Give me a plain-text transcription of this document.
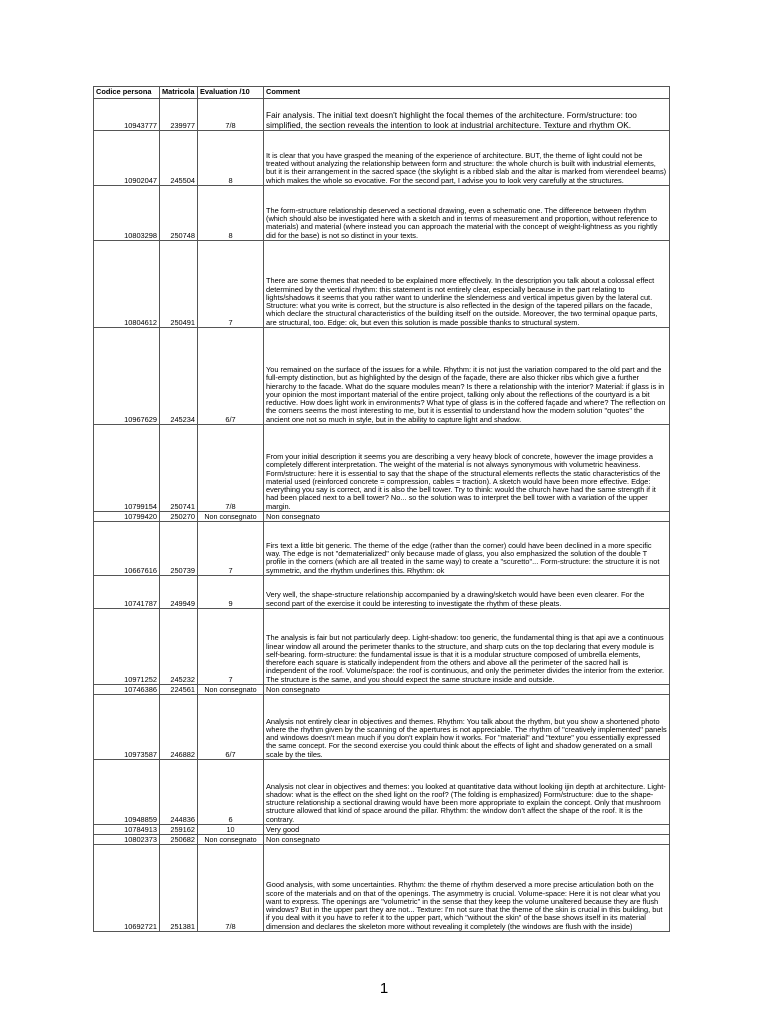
Codice persona	Matricola	Evaluation /10	Comment
10943777	239977	7/8	Fair analysis. The initial text doesn't highlight the focal themes of the architecture. Form/structure: too simplified, the section reveals the intention to look at industrial architecture. Texture and rhythm OK.
10902047	245504	8	It is clear that you have grasped the meaning of the experience of architecture. BUT, the theme of light could not be treated without analyzing the relationship between form and structure: the whole church is built with industrial elements, but it is their arrangement in the sacred space (the skylight is a ribbed slab and the altar is marked from vierendeel beams) which makes the whole so evocative. For the second part, I advise you to look very carefully at the structures.
10803298	250748	8	The form-structure relationship deserved a sectional drawing, even a schematic one. The difference between rhythm (which should also be investigated here with a sketch and in terms of measurement and proportion, without reference to materials) and material (where instead you can approach the material with the concept of weight-lightness as you rightly did for the base) is not so distinct in your texts.
10804612	250491	7	There are some themes that needed to be explained more effectively. In the description you talk about a colossal effect determined by the vertical rhythm: this statement is not entirely clear, especially because in the part relating to lights/shadows it seems that you rather want to underline the slenderness and vertical impetus given by the lateral cut. Structure: what you write is correct, but the structure is also reflected in the design of the tapered pillars on the facade, which declare the structural characteristics of the building itself on the outside. Moreover, the two terminal opaque parts, are structural, too. Edge: ok, but even this solution is made possible thanks to structural system.
10967629	245234	6/7	You remained on the surface of the issues for a while. Rhythm: it is not just the variation compared to the old part and the full-empty distinction, but as highlighted by the design of the façade, there are also thicker ribs which give a further hierarchy to the facade. What do the square modules mean? Is there a relationship with the interior? Material: if glass is in your opinion the most important material of the entire project, talking only about the reflections of the courtyard is a bit reductive. How does light work in environments? What type of glass is in the coffered façade and where? The reflection on the corners seems the most interesting to me, but it is essential to understand how the modern solution "quotes" the ancient one not so much in style, but in the ability to capture light and shadow.
10799154	250741	7/8	From your initial description it seems you are describing a very heavy block of concrete, however the image provides a completely different interpretation. The weight of the material is not always synonymous with volumetric heaviness. Form/structure: here it is essential to say that the shape of the structural elements reflects the static characteristics of the material used (reinforced concrete = compression, cables = traction). A sketch would have been more effective. Edge: everything you say is correct, and it is also the bell tower. Try to think: would the church have had the same strength if it had been placed next to a bell tower? No... so the solution was to interpret the bell tower with a variation of the upper margin.
10799420	250270	Non consegnato	Non consegnato
10667616	250739	7	Firs text a little bit generic. The theme of the edge (rather than the corner) could have been declined in a more specific way. The edge is not "dematerialized" only because made of glass, you also emphasized the solution of the double T profile in the corners (which are all treated in the same way) to create a "scuretto"... Form-structure: the structure it is not symmetric, and the rhythm underlines this. Rhythm: ok
10741787	249949	9	Very well, the shape-structure relationship accompanied by a drawing/sketch would have been even clearer. For the second part of the exercise it could be interesting to investigate the rhythm of these pleats.
10971252	245232	7	The analysis is fair but not particularly deep. Light-shadow: too generic, the fundamental thing is that api ave a continuous linear window all around the perimeter thanks to the structure, and sharp cuts on the top declaring that every module is self-bearing. form-structure: the fundamental issue is that it is a modular structure composed of umbrella elements, therefore each square is statically independent from the others and above all the perimeter of the sacred hall is independent of the roof. Volume/space: the roof is continuous, and only the perimeter divides the interior from the exterior. The structure is the same, and you should expect the same structure inside and outside.
10746386	224561	Non consegnato	Non consegnato
10973587	246882	6/7	Analysis not entirely clear in objectives and themes. Rhythm: You talk about the rhythm, but you show a shortened photo where the rhythm given by the scanning of the apertures is not appreciable. The rhythm of "creatively implemented" panels and windows doesn't mean much if you don't explain how it works. For "material" and "texture" you essentially expressed the same concept. For the second exercise you could think about the effects of light and shadow generated on a small scale by the tiles.
10948859	244836	6	Analysis not clear in objectives and themes: you looked at quantitative data without looking ijin depth at architecture. Light-shadow: what is the effect on the shed light on the roof? (The folding is emphasized) Form/structure: due to the shape-structure relationship a sectional drawing would have been more appropriate to explain the concept. Only that mushroom structure allowed that kind of space around the pillar. Rhythm: the window don't affect the shape of the roof. It is the contrary.
10784913	259162	10	Very good
10802373	250682	Non consegnato	Non consegnato
10692721	251381	7/8	Good analysis, with some uncertainties. Rhythm: the theme of rhythm deserved a more precise articulation both on the score of the materials and on that of the openings. The asymmetry is crucial. Volume-space: Here it is not clear what you want to express. The openings are "volumetric" in the sense that they keep the volume unaltered because they are flush windows? But in the upper part they are not... Texture: I'm not sure that the theme of the skin is crucial in this building, but if you deal with it you have to refer it to the upper part, which "without the skin" of the base shows itself in its material dimension and declares the skeleton more without revealing it completely (the windows are flush with the inside)
1
